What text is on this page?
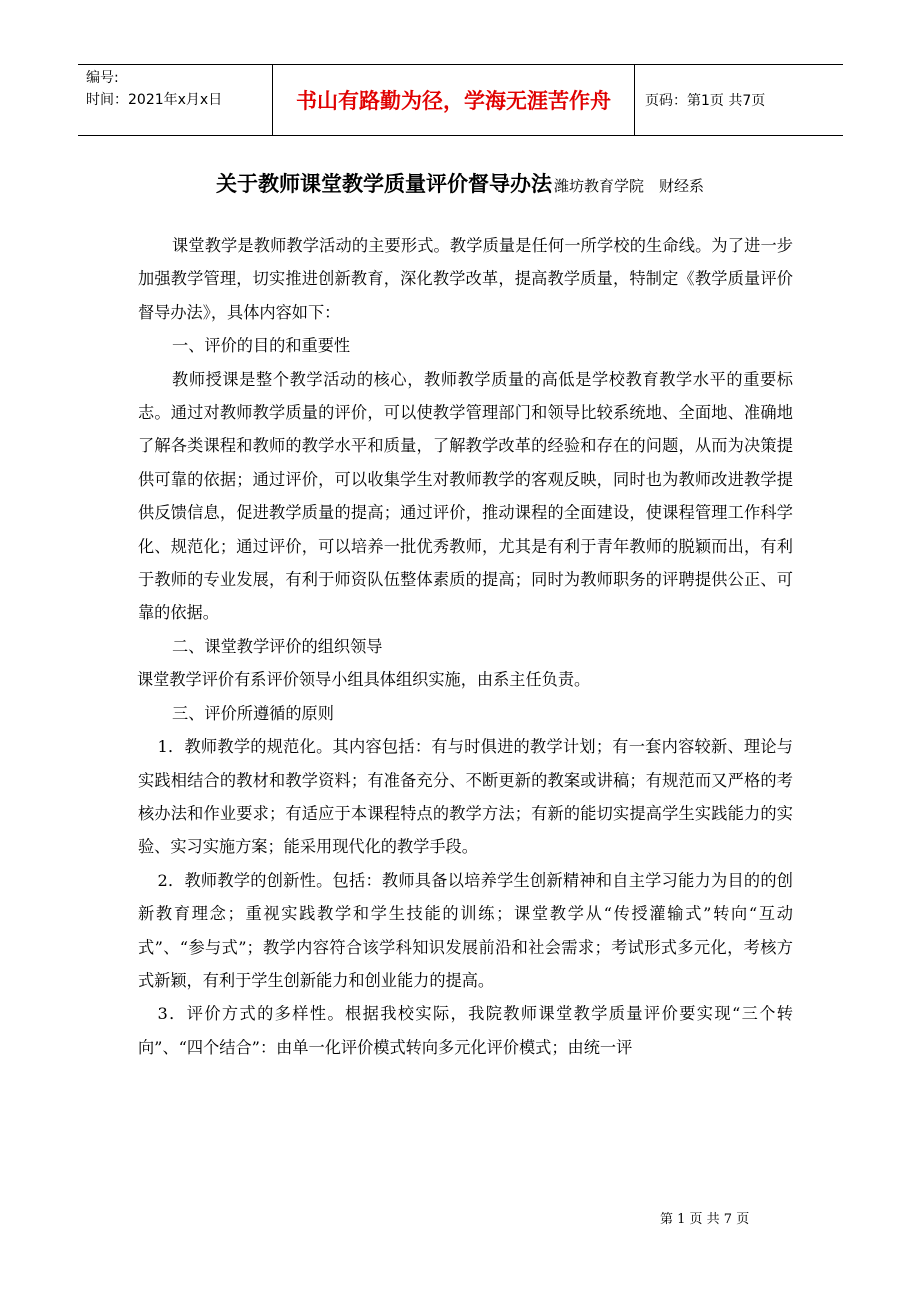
编号:
时间：2021年x月x日	书山有路勤为径，学海无涯苦作舟	页码：第1页 共7页
关于教师课堂教学质量评价督导办法 潍坊教育学院　财经系

课堂教学是教师教学活动的主要形式。教学质量是任何一所学校的生命线。为了进一步加强教学管理，切实推进创新教育，深化教学改革，提高教学质量，特制定《教学质量评价督导办法》，具体内容如下：

一、评价的目的和重要性

教师授课是整个教学活动的核心，教师教学质量的高低是学校教育教学水平的重要标志。通过对教师教学质量的评价，可以使教学管理部门和领导比较系统地、全面地、准确地了解各类课程和教师的教学水平和质量，了解教学改革的经验和存在的问题，从而为决策提供可靠的依据；通过评价，可以收集学生对教师教学的客观反映，同时也为教师改进教学提供反馈信息，促进教学质量的提高；通过评价，推动课程的全面建设，使课程管理工作科学化、规范化；通过评价，可以培养一批优秀教师，尤其是有利于青年教师的脱颖而出，有利于教师的专业发展，有利于师资队伍整体素质的提高；同时为教师职务的评聘提供公正、可靠的依据。

二、课堂教学评价的组织领导

课堂教学评价有系评价领导小组具体组织实施，由系主任负责。

三、评价所遵循的原则

1．教师教学的规范化。其内容包括：有与时俱进的教学计划；有一套内容较新、理论与实践相结合的教材和教学资料；有准备充分、不断更新的教案或讲稿；有规范而又严格的考核办法和作业要求；有适应于本课程特点的教学方法；有新的能切实提高学生实践能力的实验、实习实施方案；能采用现代化的教学手段。

2．教师教学的创新性。包括：教师具备以培养学生创新精神和自主学习能力为目的的创新教育理念；重视实践教学和学生技能的训练；课堂教学从“传授灌输式”转向“互动式”、“参与式”；教学内容符合该学科知识发展前沿和社会需求；考试形式多元化，考核方式新颖，有利于学生创新能力和创业能力的提高。

3．评价方式的多样性。根据我校实际，我院教师课堂教学质量评价要实现“三个转向”、“四个结合”：由单一化评价模式转向多元化评价模式；由统一评

第 1 页 共 7 页
